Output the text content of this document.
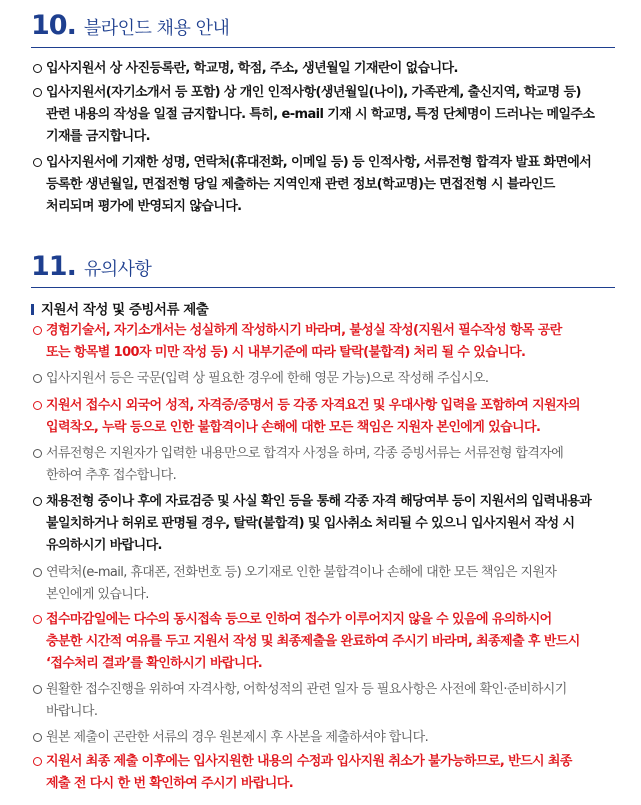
10. 블라인드 채용 안내
입사지원서 상 사진등록란, 학교명, 학점, 주소, 생년월일 기재란이 없습니다.
입사지원서(자기소개서 등 포함) 상 개인 인적사항(생년월일(나이), 가족관계, 출신지역, 학교명 등)
관련 내용의 작성을 일절 금지합니다. 특히, e-mail 기재 시 학교명, 특정 단체명이 드러나는 메일주소
기재를 금지합니다.
입사지원서에 기재한 성명, 연락처(휴대전화, 이메일 등) 등 인적사항, 서류전형 합격자 발표 화면에서
등록한 생년월일, 면접전형 당일 제출하는 지역인재 관련 정보(학교명)는 면접전형 시 블라인드
처리되며 평가에 반영되지 않습니다.
11. 유의사항
지원서 작성 및 증빙서류 제출
경험기술서, 자기소개서는 성실하게 작성하시기 바라며, 불성실 작성(지원서 필수작성 항목 공란
또는 항목별 100자 미만 작성 등) 시 내부기준에 따라 탈락(불합격) 처리 될 수 있습니다.
입사지원서 등은 국문(입력 상 필요한 경우에 한해 영문 가능)으로 작성해 주십시오.
지원서 접수시 외국어 성적, 자격증/증명서 등 각종 자격요건 및 우대사항 입력을 포함하여 지원자의
입력착오, 누락 등으로 인한 불합격이나 손해에 대한 모든 책임은 지원자 본인에게 있습니다.
서류전형은 지원자가 입력한 내용만으로 합격자 사정을 하며, 각종 증빙서류는 서류전형 합격자에
한하여 추후 접수합니다.
채용전형 중이나 후에 자료검증 및 사실 확인 등을 통해 각종 자격 해당여부 등이 지원서의 입력내용과
불일치하거나 허위로 판명될 경우, 탈락(불합격) 및 입사취소 처리될 수 있으니 입사지원서 작성 시
유의하시기 바랍니다.
연락처(e-mail, 휴대폰, 전화번호 등) 오기재로 인한 불합격이나 손해에 대한 모든 책임은 지원자
본인에게 있습니다.
접수마감일에는 다수의 동시접속 등으로 인하여 접수가 이루어지지 않을 수 있음에 유의하시어
충분한 시간적 여유를 두고 지원서 작성 및 최종제출을 완료하여 주시기 바라며, 최종제출 후 반드시
‘접수처리 결과’를 확인하시기 바랍니다.
원활한 접수진행을 위하여 자격사항, 어학성적의 관련 일자 등 필요사항은 사전에 확인·준비하시기
바랍니다.
원본 제출이 곤란한 서류의 경우 원본제시 후 사본을 제출하셔야 합니다.
지원서 최종 제출 이후에는 입사지원한 내용의 수정과 입사지원 취소가 불가능하므로, 반드시 최종
제출 전 다시 한 번 확인하여 주시기 바랍니다.
